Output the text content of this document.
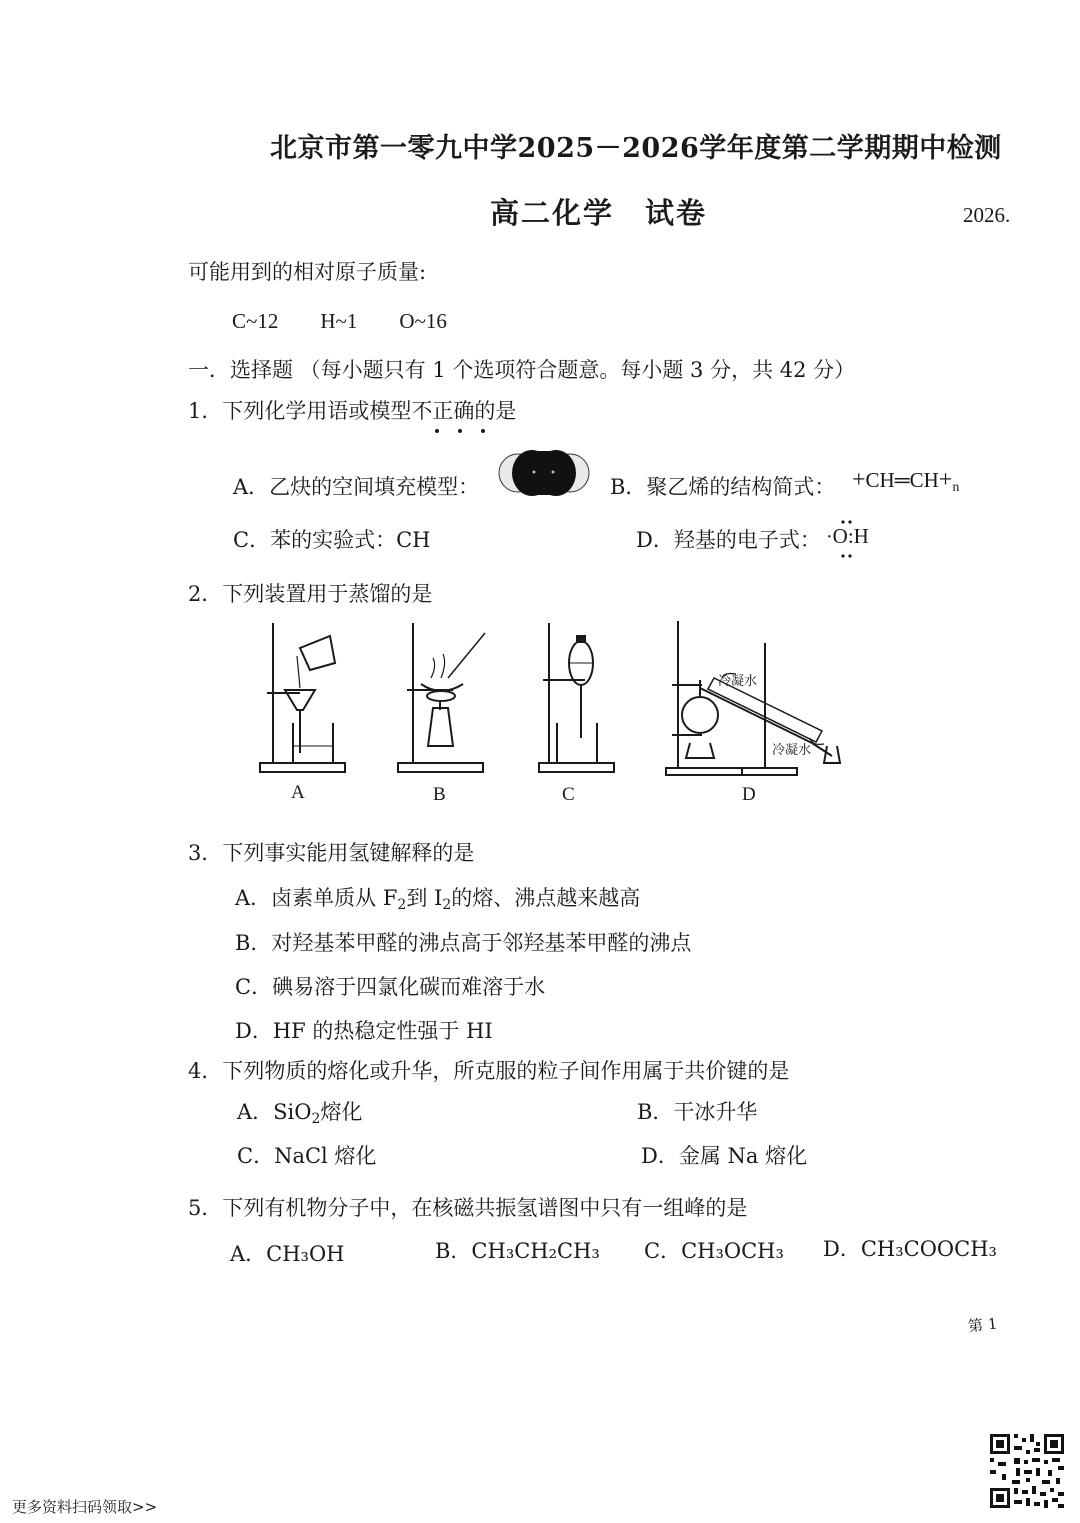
北京市第一零九中学2025－2026学年度第二学期期中检测
高二化学　试卷	2026.
可能用到的相对原子质量:
C~12　　H~1　　O~16
一．选择题 （每小题只有 1 个选项符合题意。每小题 3 分，共 42 分）
1．下列化学用语或模型不正确的是
A．乙炔的空间填充模型：	B．聚乙烯的结构简式： $+CH═CH+_n$
C．苯的实验式：CH	D．羟基的电子式： ·O:H
2．下列装置用于蒸馏的是
A	B	C
冷凝水
冷凝水
D
3．下列事实能用氢键解释的是
A．卤素单质从 $F_2$到 $I_2$的熔、沸点越来越高
B．对羟基苯甲醛的沸点高于邻羟基苯甲醛的沸点
C．碘易溶于四氯化碳而难溶于水
D．HF 的热稳定性强于 HI
4．下列物质的熔化或升华，所克服的粒子间作用属于共价键的是
A．SiO$_2$熔化	B．干冰升华
C．NaCl 熔化	D．金属 Na 熔化
5．下列有机物分子中，在核磁共振氢谱图中只有一组峰的是
A．CH₃OH	B．CH₃CH₂CH₃ C．CH₃OCH₃ D．CH₃COOCH₃
第 1
更多资料扫码领取>>
